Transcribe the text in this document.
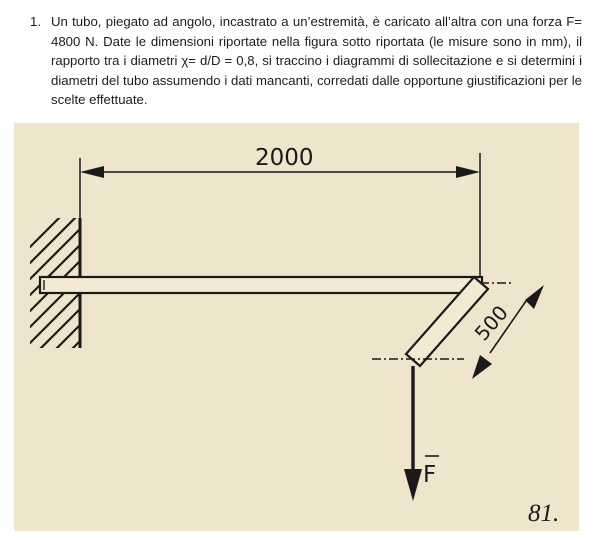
1. Un tubo, piegato ad angolo, incastrato a un’estremità, è caricato all’altra con una forza F= 4800 N. Date le dimensioni riportate nella figura sotto riportata (le misure sono in mm), il rapporto tra i diametri χ= d/D = 0,8, si traccino i diagrammi di sollecitazione e si determini i diametri del tubo assumendo i dati mancanti, corredati dalle opportune giustificazioni per le scelte effettuate.
2000
500
F
81.
